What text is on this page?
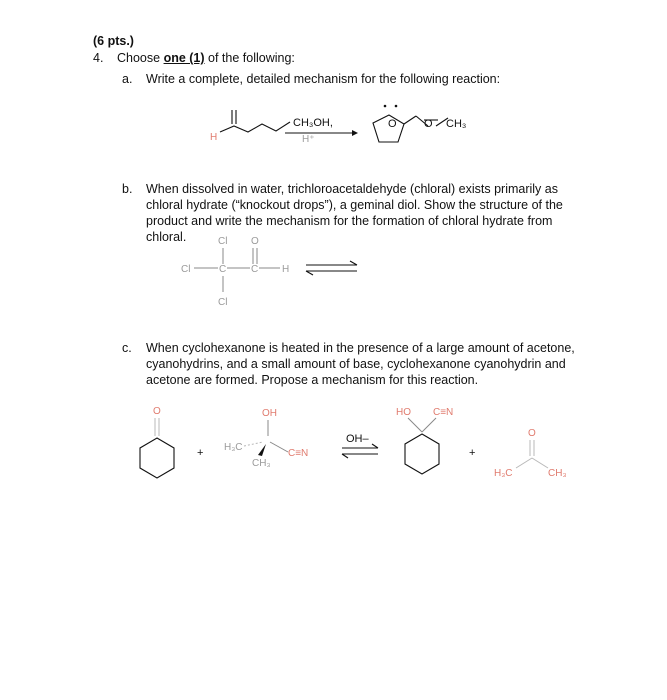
(6 pts.)
4. Choose one (1) of the following:
a. Write a complete, detailed mechanism for the following reaction:
H
CH₃OH,
H⁺
O O CH₃
b. When dissolved in water, trichloroacetaldehyde (chloral) exists primarily as chloral hydrate (“knockout drops”), a geminal diol. Show the structure of the product and write the mechanism for the formation of chloral hydrate from chloral.	Cl O
Cl	C C H
Cl
c. When cyclohexanone is heated in the presence of a large amount of acetone, cyanohydrins, and a small amount of base, cyclohexanone cyanohydrin and acetone are formed. Propose a mechanism for this reaction.
O
+
OH
H₃C
C≡N
CH₃
OH–
HO C≡N
+
O
H₃C	CH₃
